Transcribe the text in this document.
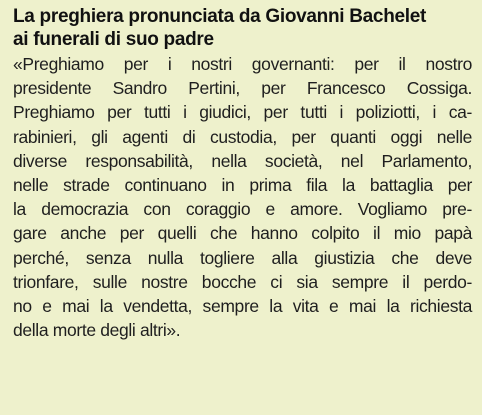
La preghiera pronunciata da Giovanni Bachelet
ai funerali di suo padre

«Preghiamo per i nostri governanti: per il nostro
presidente Sandro Pertini, per Francesco Cossiga.
Preghiamo per tutti i giudici, per tutti i poliziotti, i ca-
rabinieri, gli agenti di custodia, per quanti oggi nelle
diverse responsabilità, nella società, nel Parlamento,
nelle strade continuano in prima fila la battaglia per
la democrazia con coraggio e amore. Vogliamo pre-
gare anche per quelli che hanno colpito il mio papà
perché, senza nulla togliere alla giustizia che deve
trionfare, sulle nostre bocche ci sia sempre il perdo-
no e mai la vendetta, sempre la vita e mai la richiesta
della morte degli altri».
